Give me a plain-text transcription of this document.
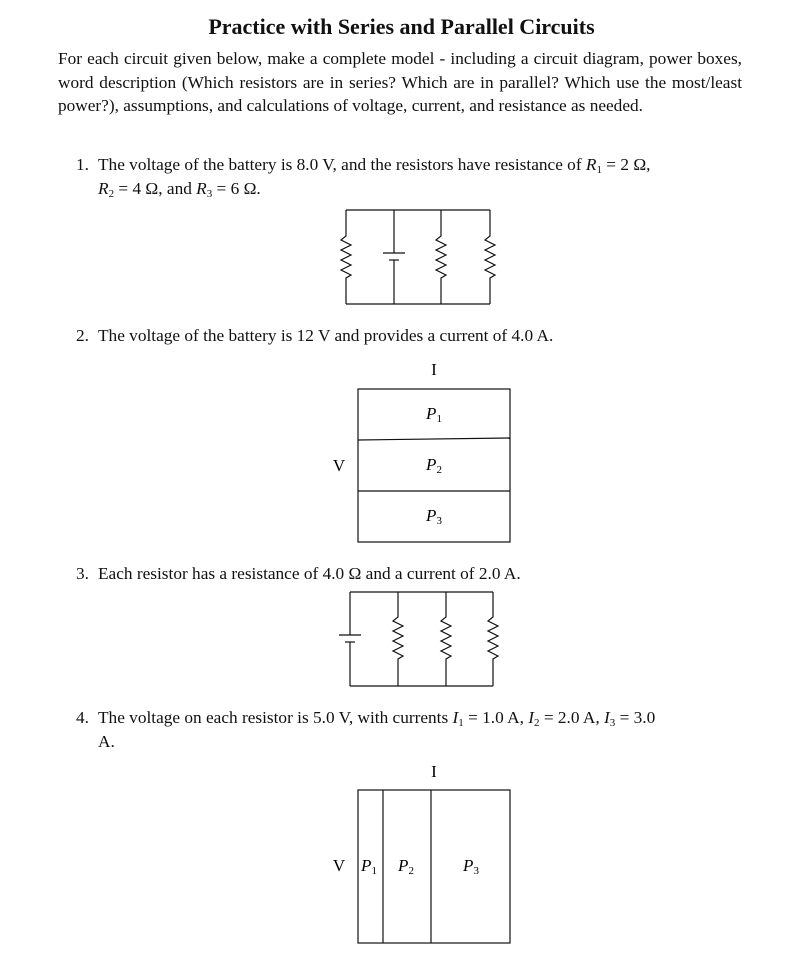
Practice with Series and Parallel Circuits
For each circuit given below, make a complete model - including a circuit diagram, power boxes, word description (Which resistors are in series? Which are in parallel? Which use the most/least power?), assumptions, and calculations of voltage, current, and resistance as needed.
1. The voltage of the battery is 8.0 V, and the resistors have resistance of $R_1 = 2$ Ω,
$R_2 = 4$ Ω, and $R_3 = 6$ Ω.
2. The voltage of the battery is 12 V and provides a current of 4.0 A.
I
V
P1
P2
P3
3. Each resistor has a resistance of 4.0 Ω and a current of 2.0 A.
4. The voltage on each resistor is 5.0 V, with currents $I_1 = 1.0$ A, $I_2 = 2.0$ A, $I_3 = 3.0$
A.
I
V P1 P2	P3
